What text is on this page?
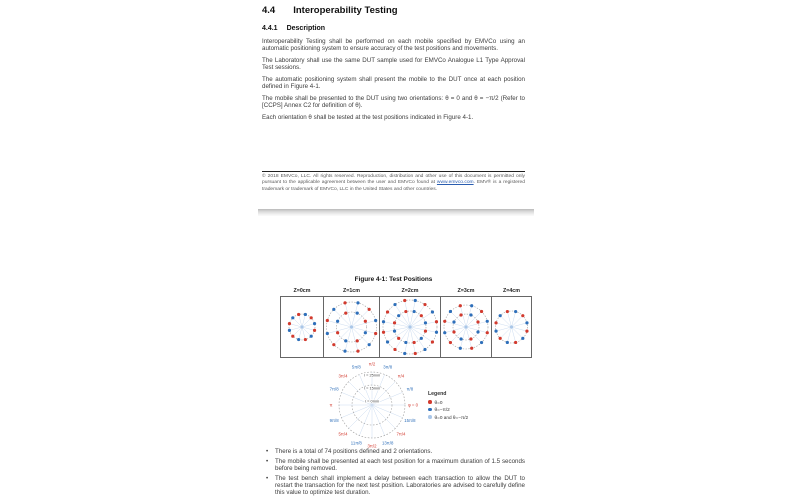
4.4 Interoperability Testing
4.4.1 Description

Interoperability Testing shall be performed on each mobile specified by EMVCo using an automatic positioning system to ensure accuracy of the test positions and movements.

The Laboratory shall use the same DUT sample used for EMVCo Analogue L1 Type Approval Test sessions.

The automatic positioning system shall present the mobile to the DUT once at each position defined in Figure 4-1.

The mobile shall be presented to the DUT using two orientations: θ = 0 and θ = −π/2 (Refer to [CCPS] Annex C2 for definition of θ).

Each orientation θ shall be tested at the test positions indicated in Figure 4-1.

© 2018 EMVCo, LLC. All rights reserved. Reproduction, distribution and other use of this document is permitted only pursuant to the applicable agreement between the user and EMVCo found at www.emvco.com. EMV® is a registered trademark or trademark of EMVCo, LLC in the United States and other countries.

Figure 4-1: Test Positions
Z=0cm	Z=1cm	Z=2cm	Z=3cm	Z=4cm
φ = 0
π/8
π/4
3π/8
π/2
5π/8
3π/4
7π/8
π
9π/8
5π/4
11π/8
3π/2
13π/8
7π/4
15π/8
r = 25mm
r = 15mm
r = 0mm
Legend
θ=0
θ=−π/2
θ=0 and θ=−π/2
• There is a total of 74 positions defined and 2 orientations.
• The mobile shall be presented at each test position for a maximum duration of 1.5 seconds before being removed.
• The test bench shall implement a delay between each transaction to allow the DUT to restart the transaction for the next test position. Laboratories are advised to carefully define this value to optimize test duration.
